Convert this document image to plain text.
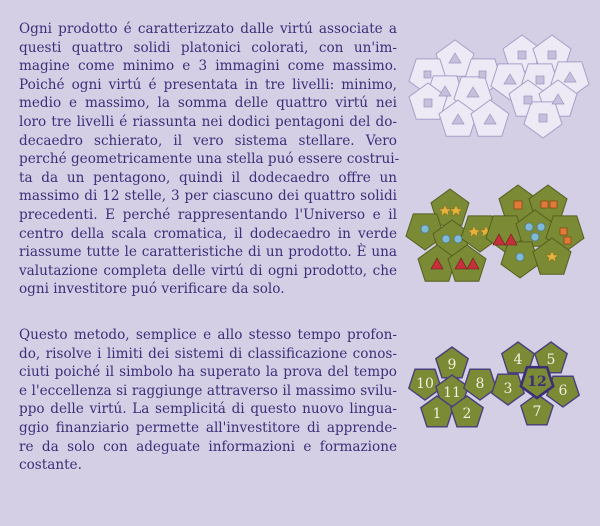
Ogni prodotto é caratterizzato dalle virtú associate a
questi quattro solidi platonici colorati, con un'im-
magine come minimo e 3 immagini come massimo.
Poiché ogni virtú é presentata in tre livelli: minimo,
medio e massimo, la somma delle quattro virtú nei
loro tre livelli é riassunta nei dodici pentagoni del do-
decaedro schierato, il vero sistema stellare. Vero
perché geometricamente una stella puó essere costrui-
ta da un pentagono, quindi il dodecaedro offre un
massimo di 12 stelle, 3 per ciascuno dei quattro solidi
precedenti. E perché rappresentando l'Universo e il
centro della scala cromatica, il dodecaedro in verde
riassume tutte le caratteristiche di un prodotto. È una
valutazione completa delle virtú di ogni prodotto, che
ogni investitore puó verificare da solo.
Questo metodo, semplice e allo stesso tempo profon-
do, risolve i limiti dei sistemi di classificazione conos-
ciuti poiché il simbolo ha superato la prova del tempo
e l'eccellenza si raggiunge attraverso il massimo svilu-
ppo delle virtú. La semplicitá di questo nuovo lingua-
ggio finanziario permette all'investitore di apprende-
re da solo con adeguate informazioni e formazione
costante.
9
10
11
8
1 2
4 5
3 12
6
7
